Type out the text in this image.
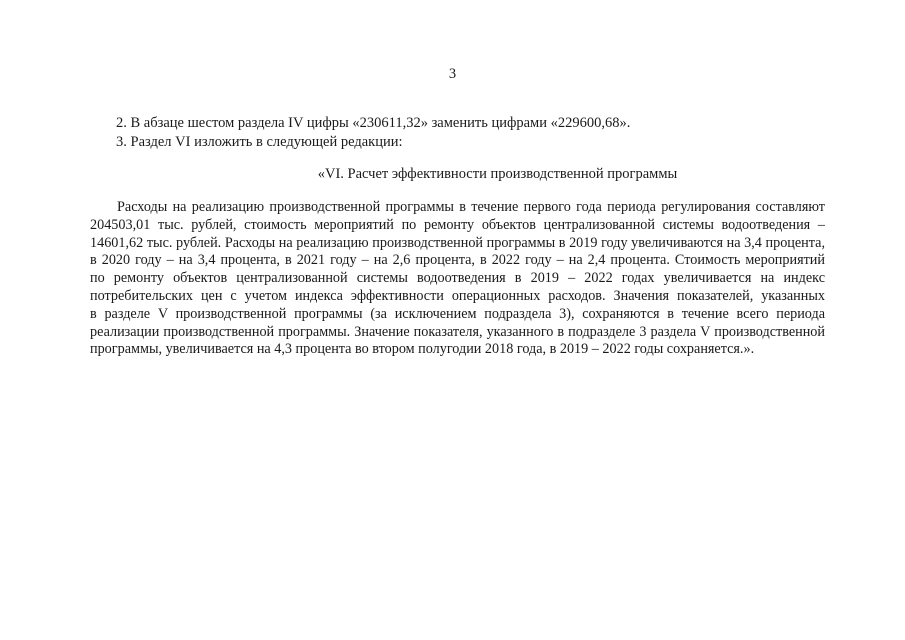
3
2. В абзаце шестом раздела IV цифры «230611,32» заменить цифрами «229600,68».
3. Раздел VI изложить в следующей редакции:
«VI. Расчет эффективности производственной программы
Расходы на реализацию производственной программы в течение первого года периода регулирования составляют
204503,01 тыс. рублей, стоимость мероприятий по ремонту объектов централизованной системы водоотведения –
14601,62 тыс. рублей. Расходы на реализацию производственной программы в 2019 году увеличиваются на 3,4 процента,
в 2020 году – на 3,4 процента, в 2021 году – на 2,6 процента, в 2022 году – на 2,4 процента. Стоимость мероприятий
по ремонту объектов централизованной системы водоотведения в 2019 – 2022 годах увеличивается на индекс
потребительских цен с учетом индекса эффективности операционных расходов. Значения показателей, указанных
в разделе V производственной программы (за исключением подраздела 3), сохраняются в течение всего периода
реализации производственной программы. Значение показателя, указанного в подразделе 3 раздела V производственной
программы, увеличивается на 4,3 процента во втором полугодии 2018 года, в 2019 – 2022 годы сохраняется.».
